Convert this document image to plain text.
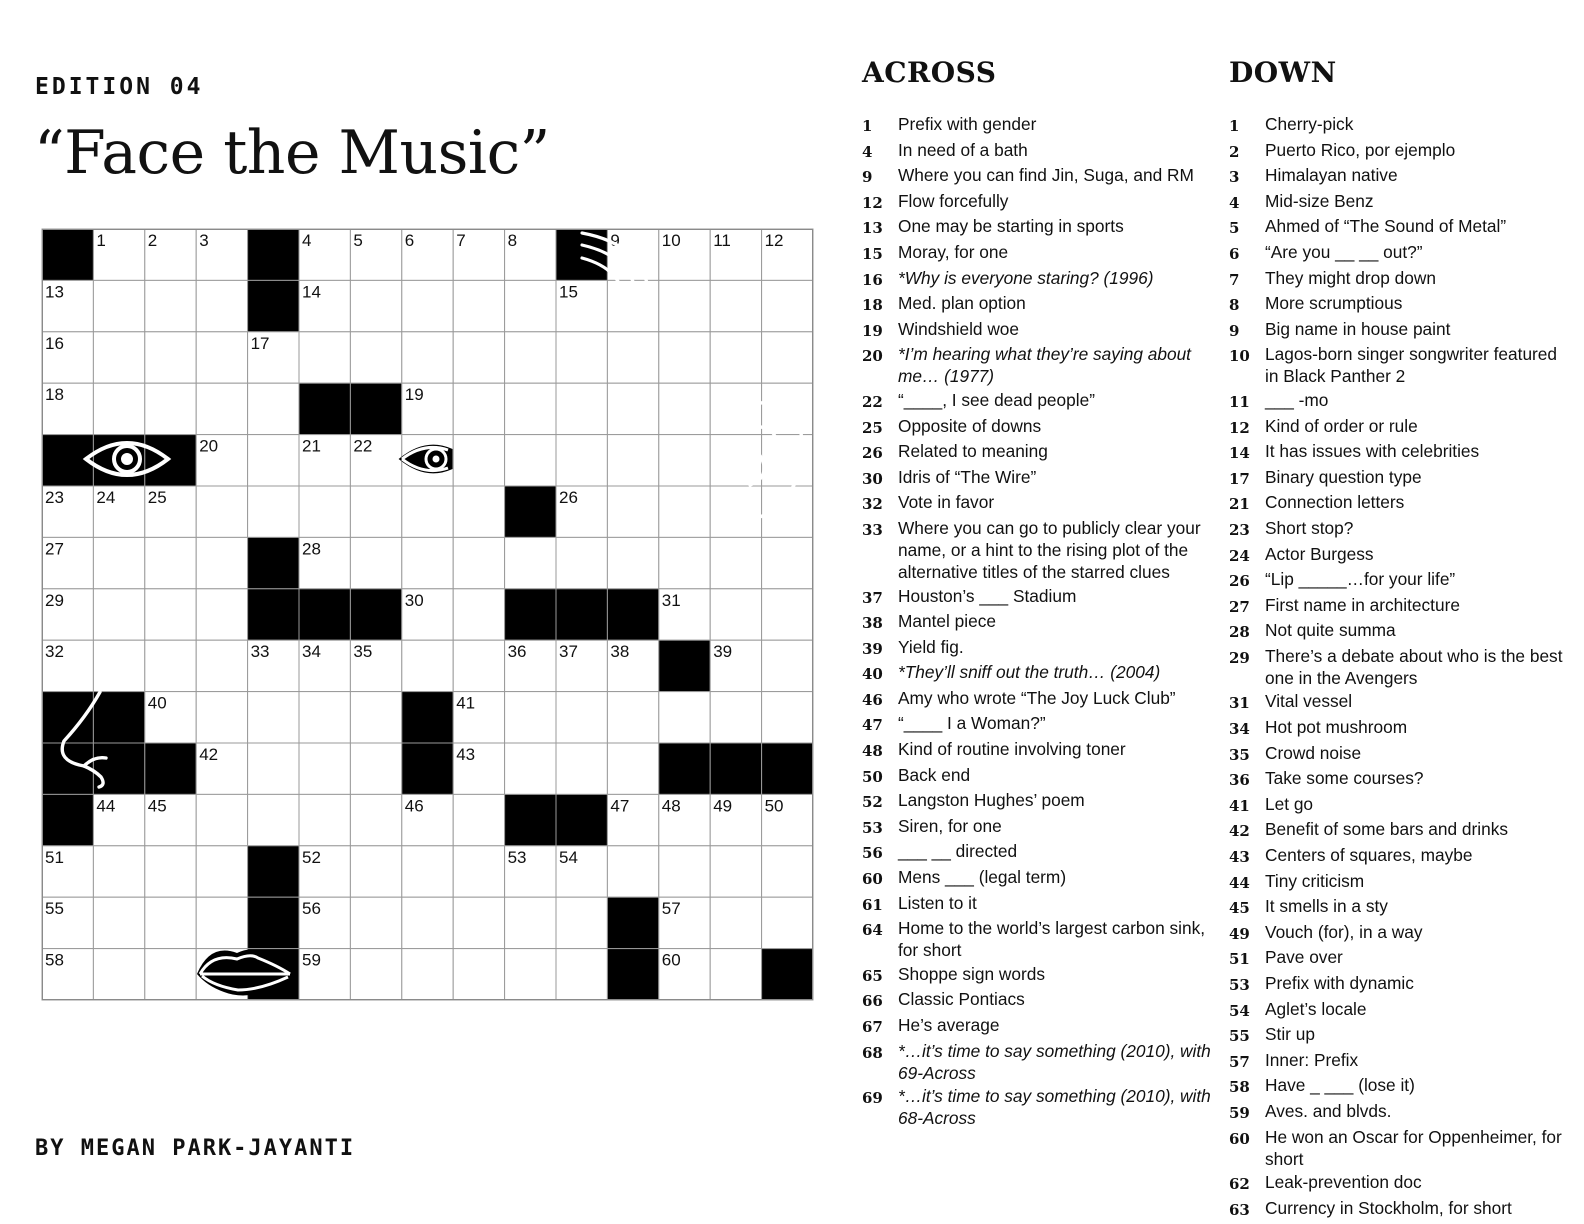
EDITION 04
“Face the Music”
1 2 3	4 5 6 7 8	9 10 11 12
13	14	15
16	17
18	19
20	21 22
23 24 25	26
27	28
29	30	31
32	33 34 35	36 37 38	39
40	41
42	43
44 45	46	47 48 49 50
51	52	53 54
55	56	57
58	59	60
ACROSS
1	Prefix with gender
4	In need of a bath
9	Where you can find Jin, Suga, and RM
12 Flow forcefully
13 One may be starting in sports
15 Moray, for one
16 *Why is everyone staring? (1996)
18 Med. plan option
19 Windshield woe
20 *I’m hearing what they’re saying about me… (1977)
22 “____, I see dead people”
25 Opposite of downs
26 Related to meaning
30 Idris of “The Wire”
32 Vote in favor
33 Where you can go to publicly clear your name, or a hint to the rising plot of the alternative titles of the starred clues
37 Houston’s ___ Stadium
38 Mantel piece
39 Yield fig.
40 *They’ll sniff out the truth… (2004)
46 Amy who wrote “The Joy Luck Club”
47 “____ I a Woman?”
48 Kind of routine involving toner
50 Back end
52 Langston Hughes’ poem
53 Siren, for one
56 ___ __ directed
60 Mens ___ (legal term)
61 Listen to it
64 Home to the world’s largest carbon sink, for short
65 Shoppe sign words
66 Classic Pontiacs
67 He’s average
68 *…it’s time to say something (2010), with 69-Across
69 *…it’s time to say something (2010), with 68-Across
DOWN
1	Cherry-pick
2	Puerto Rico, por ejemplo
3	Himalayan native
4	Mid-size Benz
5	Ahmed of “The Sound of Metal”
6	“Are you __ __ out?”
7	They might drop down
8	More scrumptious
9	Big name in house paint
10 Lagos-born singer songwriter featured in Black Panther 2
11 ___ -mo
12 Kind of order or rule
14 It has issues with celebrities
17 Binary question type
21 Connection letters
23 Short stop?
24 Actor Burgess
26 “Lip _____…for your life”
27 First name in architecture
28 Not quite summa
29 There’s a debate about who is the best one in the Avengers
31 Vital vessel
34 Hot pot mushroom
35 Crowd noise
36 Take some courses?
41 Let go
42 Benefit of some bars and drinks
43 Centers of squares, maybe
44 Tiny criticism
45 It smells in a sty
49 Vouch (for), in a way
51 Pave over
53 Prefix with dynamic
54 Aglet’s locale
55 Stir up
57 Inner: Prefix
58 Have _ ___ (lose it)
59 Aves. and blvds.
60 He won an Oscar for Oppenheimer, for short
62 Leak-prevention doc
63 Currency in Stockholm, for short
BY MEGAN PARK-JAYANTI
